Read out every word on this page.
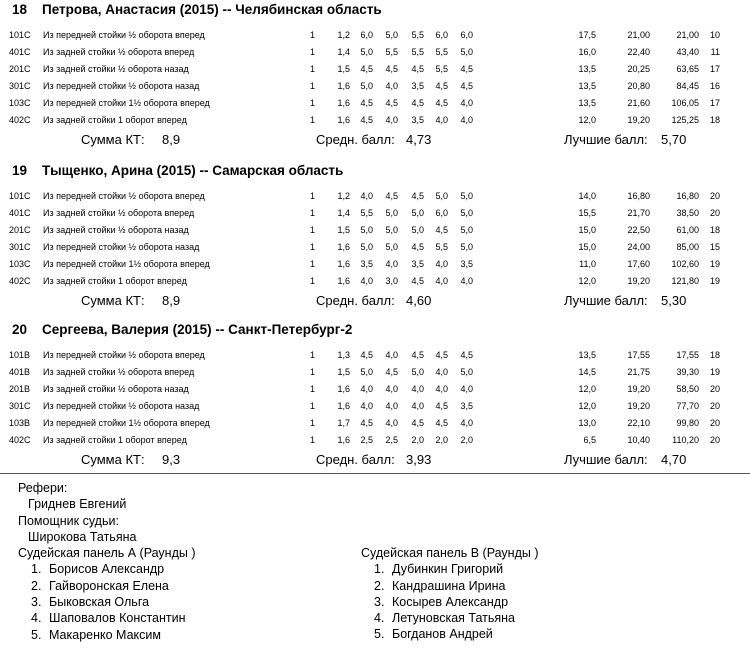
18 Петрова, Анастасия (2015) -- Челябинская область
101C Из передней стойки ½ оборота вперед	1	1,2 6,0 5,0 5,5 6,0 6,0	17,5	21,00	21,00	10
401C Из задней стойки ½ оборота вперед	1	1,4 5,0 5,5 5,5 5,5 5,0	16,0	22,40	43,40	11
201C Из задней стойки ½ оборота назад	1	1,5 4,5 4,5 4,5 5,5 4,5	13,5	20,25	63,65	17
301C Из передней стойки ½ оборота назад	1	1,6 5,0 4,0 3,5 4,5 4,5	13,5	20,80	84,45	16
103C Из передней стойки 1½ оборота вперед	1	1,6 4,5 4,5 4,5 4,5 4,0	13,5	21,60	106,05	17
402C Из задней стойки 1 оборот вперед	1	1,6 4,5 4,0 3,5 4,0 4,0	12,0	19,20	125,25	18
Сумма КТ: 8,9	Средн. балл: 4,73	Лучшие балл: 5,70
19 Тыщенко, Арина (2015) -- Самарская область
101C Из передней стойки ½ оборота вперед	1	1,2 4,0 4,5 4,5 5,0 5,0	14,0	16,80	16,80	20
401C Из задней стойки ½ оборота вперед	1	1,4 5,5 5,0 5,0 6,0 5,0	15,5	21,70	38,50	20
201C Из задней стойки ½ оборота назад	1	1,5 5,0 5,0 5,0 4,5 5,0	15,0	22,50	61,00	18
301C Из передней стойки ½ оборота назад	1	1,6 5,0 5,0 4,5 5,5 5,0	15,0	24,00	85,00	15
103C Из передней стойки 1½ оборота вперед	1	1,6 3,5 4,0 3,5 4,0 3,5	11,0	17,60	102,60	19
402C Из задней стойки 1 оборот вперед	1	1,6 4,0 3,0 4,5 4,0 4,0	12,0	19,20	121,80	19
Сумма КТ: 8,9	Средн. балл: 4,60	Лучшие балл: 5,30
20 Сергеева, Валерия (2015) -- Санкт-Петербург-2
101B Из передней стойки ½ оборота вперед	1	1,3 4,5 4,0 4,5 4,5 4,5	13,5	17,55	17,55	18
401B Из задней стойки ½ оборота вперед	1	1,5 5,0 4,5 5,0 4,0 5,0	14,5	21,75	39,30	19
201B Из задней стойки ½ оборота назад	1	1,6 4,0 4,0 4,0 4,0 4,0	12,0	19,20	58,50	20
301C Из передней стойки ½ оборота назад	1	1,6 4,0 4,0 4,0 4,5 3,5	12,0	19,20	77,70	20
103B Из передней стойки 1½ оборота вперед	1	1,7 4,5 4,0 4,5 4,5 4,0	13,0	22,10	99,80	20
402C Из задней стойки 1 оборот вперед	1	1,6 2,5 2,5 2,0 2,0 2,0	6,5	10,40	110,20	20
Сумма КТ: 9,3	Средн. балл: 3,93	Лучшие балл: 4,70
Рефери:
Гриднев Евгений
Помощник судьи:
Широкова Татьяна
Судейская панель А (Раунды )
1. Борисов Александр
2. Гайворонская Елена
3. Быковская Ольга
4. Шаповалов Константин
5. Макаренко Максим
Судейская панель В (Раунды )
1. Дубинкин Григорий
2. Кандрашина Ирина
3. Косырев Александр
4. Летуновская Татьяна
5. Богданов Андрей
